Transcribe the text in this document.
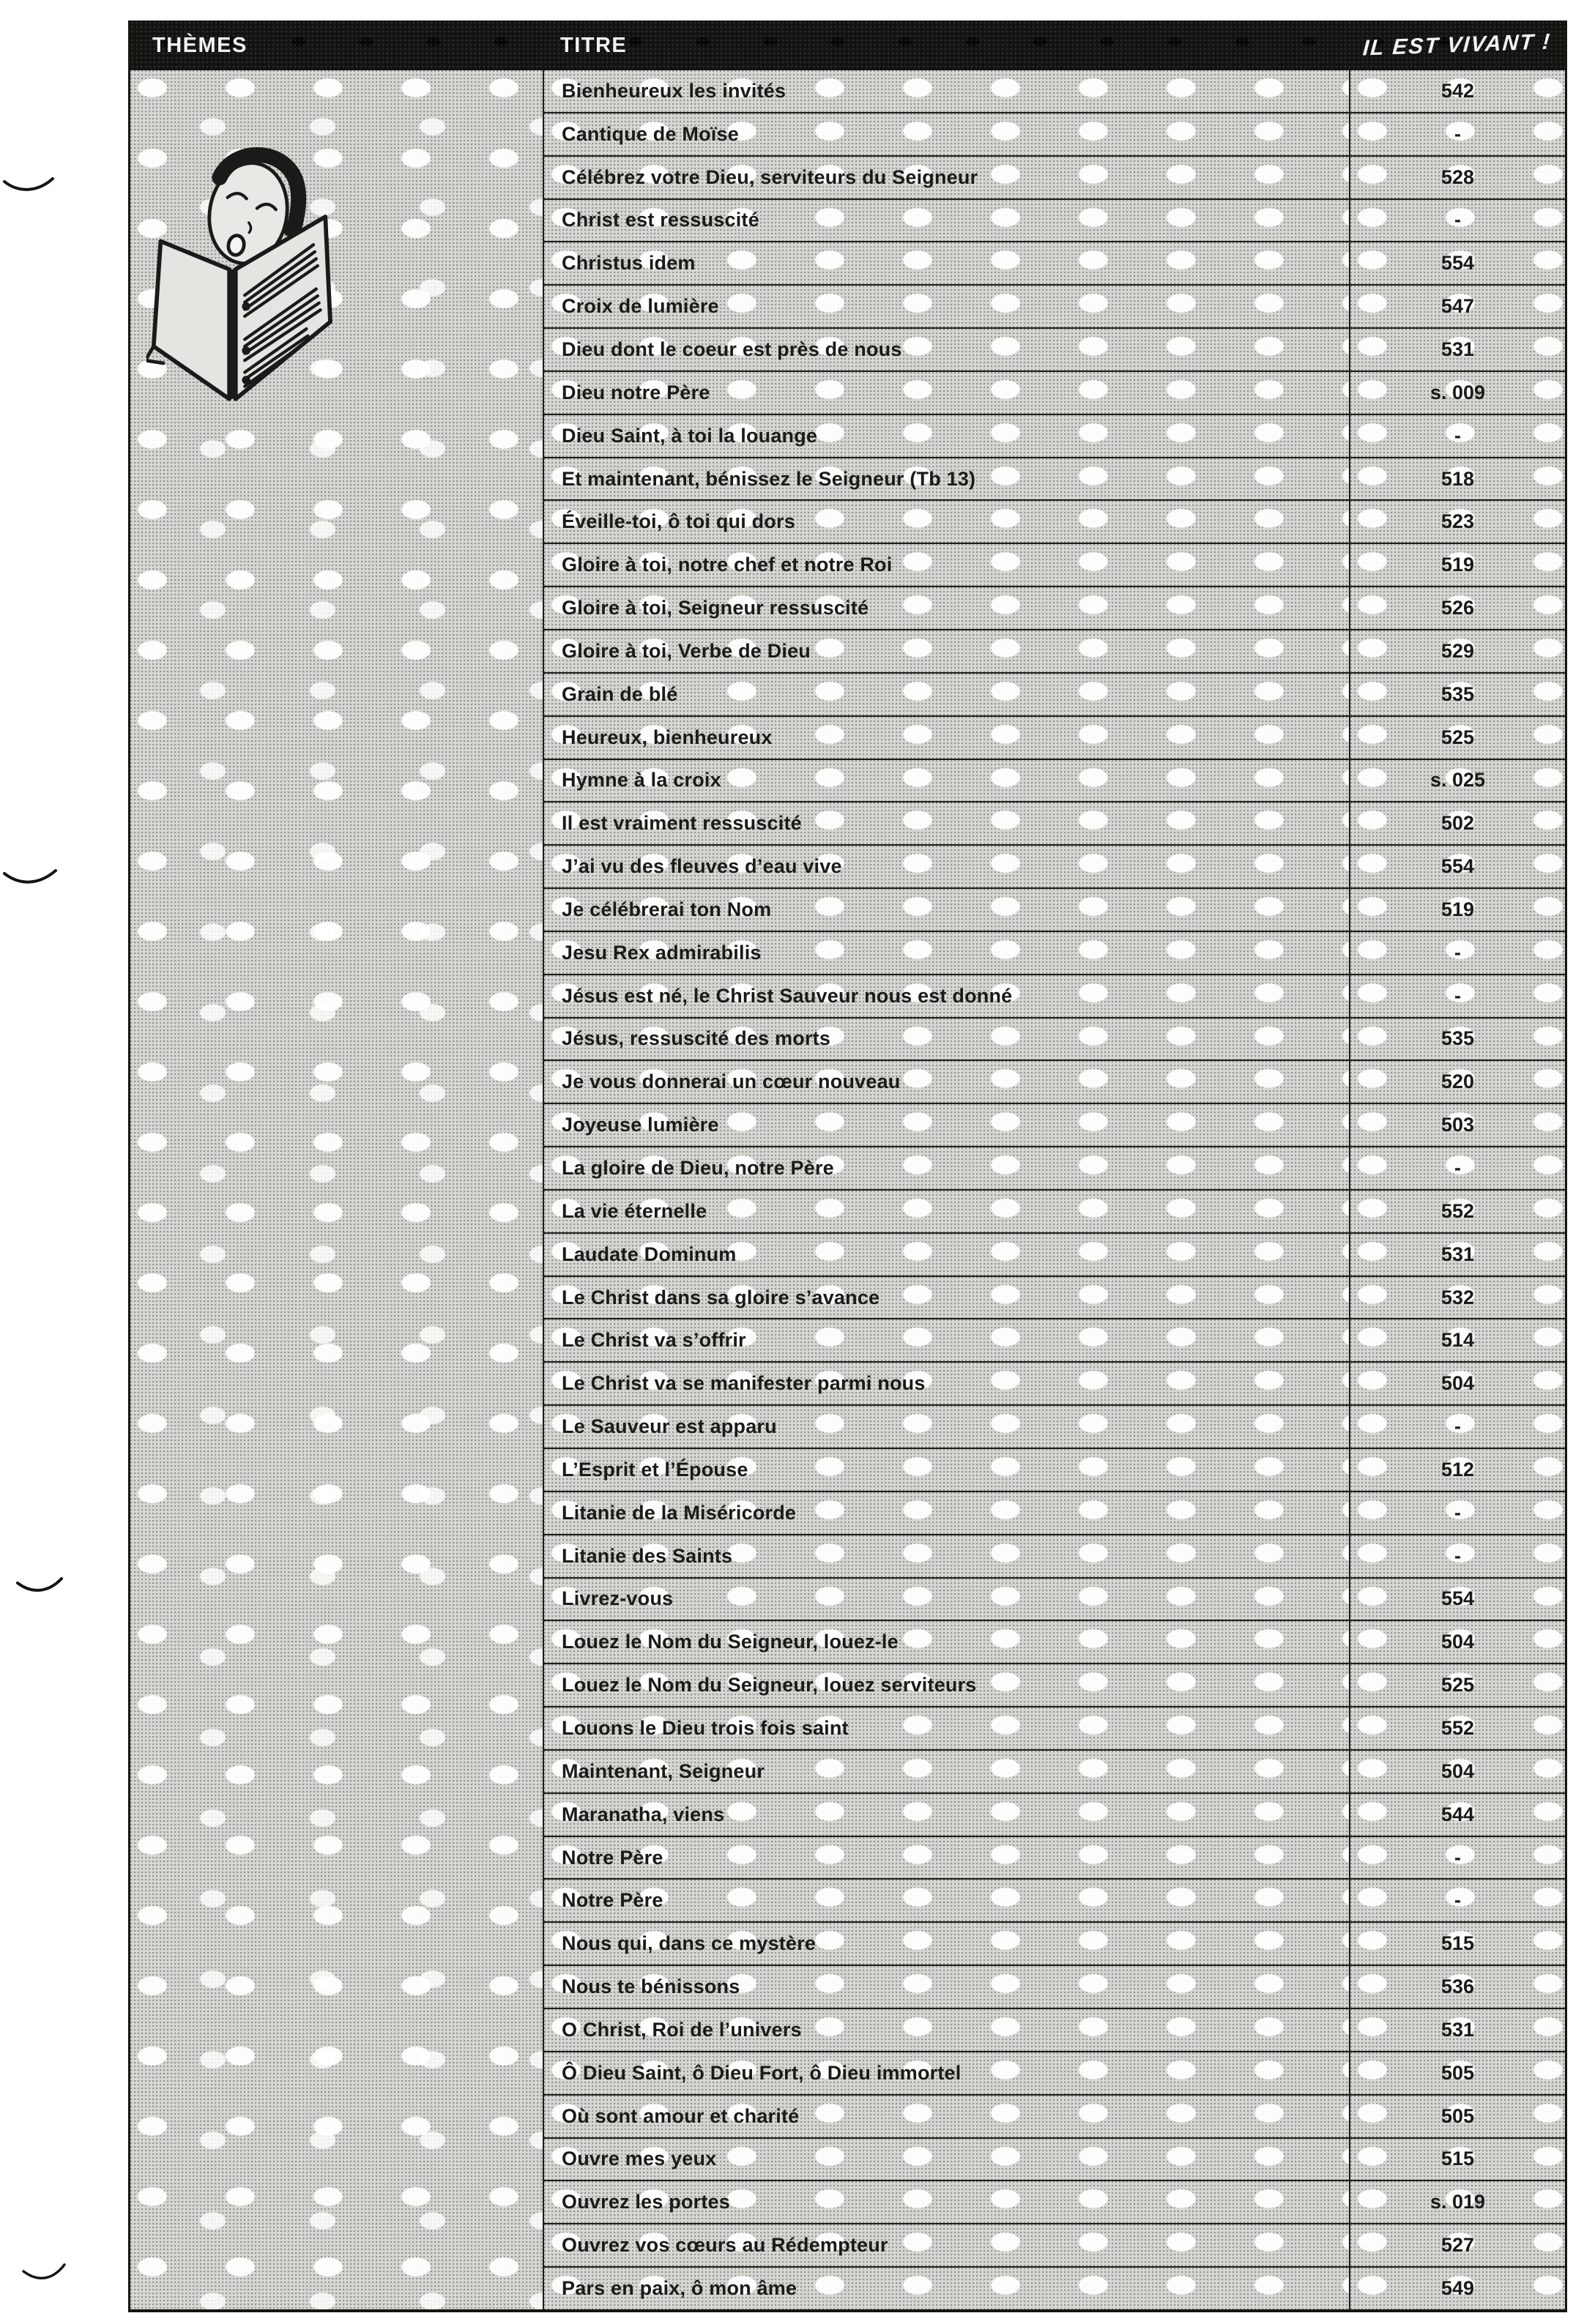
THÈMES	TITRE	IL EST VIVANT !
Bienheureux les invités	542
Cantique de Moïse	-
Célébrez votre Dieu, serviteurs du Seigneur	528
Christ est ressuscité	-
Christus idem	554
Croix de lumière	547
Dieu dont le coeur est près de nous	531
Dieu notre Père	s. 009
Dieu Saint, à toi la louange	-
Et maintenant, bénissez le Seigneur (Tb 13)	518
Éveille-toi, ô toi qui dors	523
Gloire à toi, notre chef et notre Roi	519
Gloire à toi, Seigneur ressuscité	526
Gloire à toi, Verbe de Dieu	529
Grain de blé	535
Heureux, bienheureux	525
Hymne à la croix	s. 025
Il est vraiment ressuscité	502
J’ai vu des fleuves d’eau vive	554
Je célébrerai ton Nom	519
Jesu Rex admirabilis	-
Jésus est né, le Christ Sauveur nous est donné	-
Jésus, ressuscité des morts	535
Je vous donnerai un cœur nouveau	520
Joyeuse lumière	503
La gloire de Dieu, notre Père	-
La vie éternelle	552
Laudate Dominum	531
Le Christ dans sa gloire s’avance	532
Le Christ va s’offrir	514
Le Christ va se manifester parmi nous	504
Le Sauveur est apparu	-
L’Esprit et l’Épouse	512
Litanie de la Miséricorde	-
Litanie des Saints	-
Livrez-vous	554
Louez le Nom du Seigneur, louez-le	504
Louez le Nom du Seigneur, louez serviteurs	525
Louons le Dieu trois fois saint	552
Maintenant, Seigneur	504
Maranatha, viens	544
Notre Père	-
Notre Père	-
Nous qui, dans ce mystère	515
Nous te bénissons	536
O Christ, Roi de l’univers	531
Ô Dieu Saint, ô Dieu Fort, ô Dieu immortel	505
Où sont amour et charité	505
Ouvre mes yeux	515
Ouvrez les portes	s. 019
Ouvrez vos cœurs au Rédempteur	527
Pars en paix, ô mon âme	549
